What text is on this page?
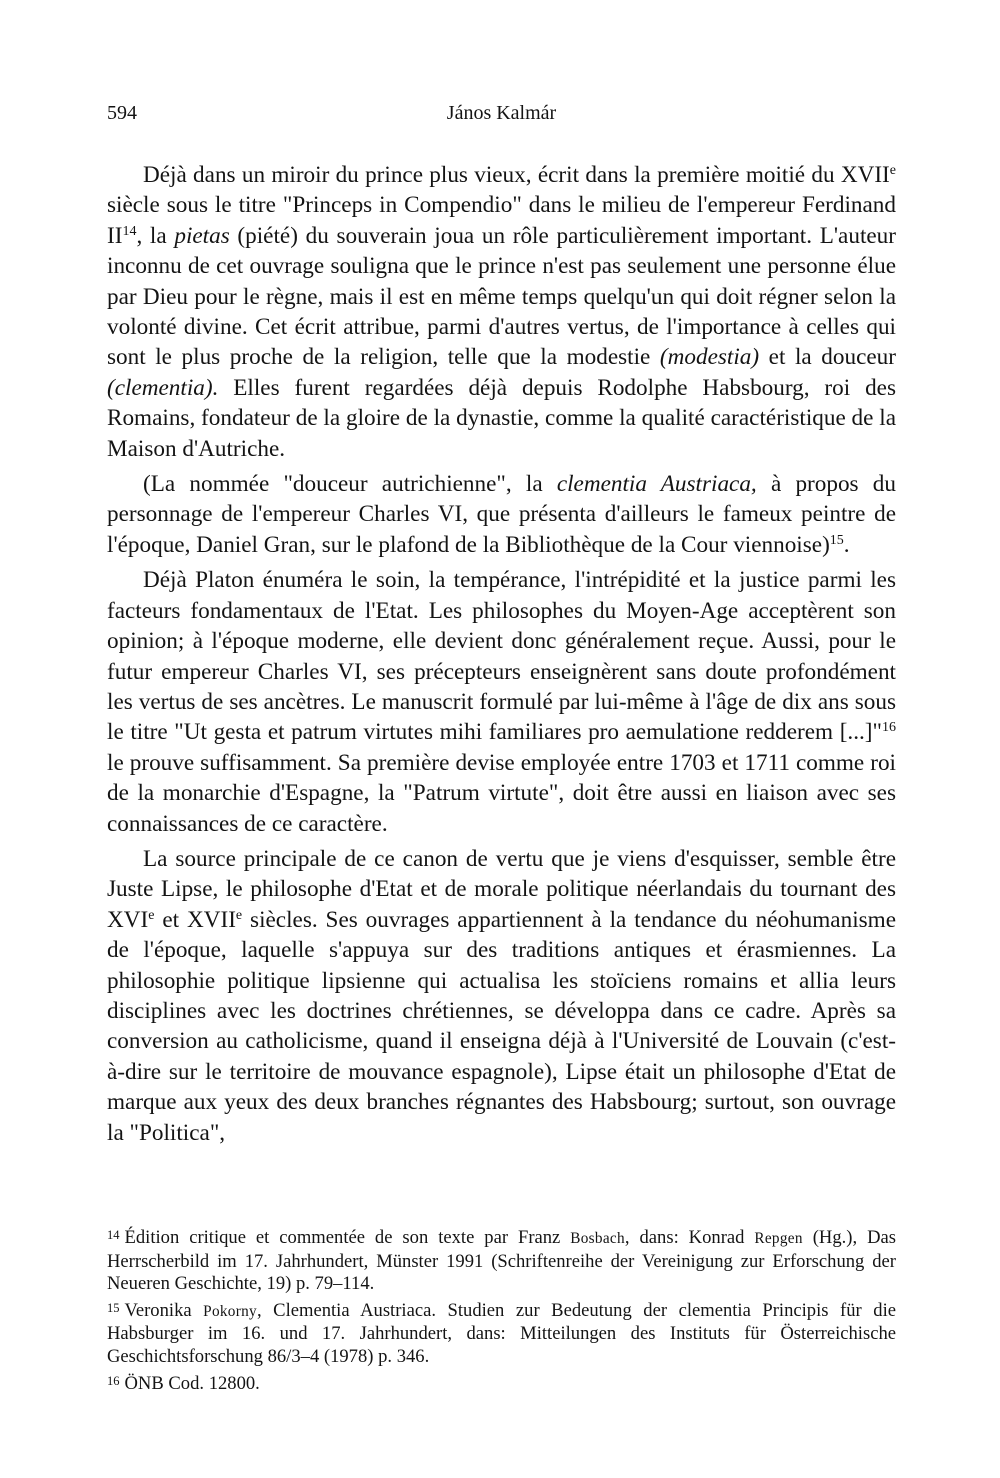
594	János Kalmár

Déjà dans un miroir du prince plus vieux, écrit dans la première moitié du XVIIe siècle sous le titre "Princeps in Compendio" dans le milieu de l'empereur Ferdinand II$^{14}$, la pietas (piété) du souverain joua un rôle particulièrement important. L'auteur inconnu de cet ouvrage souligna que le prince n'est pas seulement une personne élue par Dieu pour le règne, mais il est en même temps quelqu'un qui doit régner selon la volonté divine. Cet écrit attribue, parmi d'autres vertus, de l'importance à celles qui sont le plus proche de la religion, telle que la modestie (modestia) et la douceur (clementia). Elles furent regardées déjà depuis Rodolphe Habsbourg, roi des Romains, fondateur de la gloire de la dynastie, comme la qualité caractéristique de la Maison d'Autriche.

(La nommée "douceur autrichienne", la clementia Austriaca, à propos du personnage de l'empereur Charles VI, que présenta d'ailleurs le fameux peintre de l'époque, Daniel Gran, sur le plafond de la Bibliothèque de la Cour viennoise)$^{15}$.

Déjà Platon énuméra le soin, la tempérance, l'intrépidité et la justice parmi les facteurs fondamentaux de l'Etat. Les philosophes du Moyen-Age acceptèrent son opinion; à l'époque moderne, elle devient donc généralement reçue. Aussi, pour le futur empereur Charles VI, ses précepteurs enseignèrent sans doute profondément les vertus de ses ancètres. Le manuscrit formulé par lui-même à l'âge de dix ans sous le titre "Ut gesta et patrum virtutes mihi familiares pro aemulatione redderem [...]"$^{16}$ le prouve suffisamment. Sa première devise employée entre 1703 et 1711 comme roi de la monarchie d'Espagne, la "Patrum virtute", doit être aussi en liaison avec ses connaissances de ce caractère.

La source principale de ce canon de vertu que je viens d'esquisser, semble être Juste Lipse, le philosophe d'Etat et de morale politique néerlandais du tournant des XVIe et XVIIe siècles. Ses ouvrages appartiennent à la tendance du néohumanisme de l'époque, laquelle s'appuya sur des traditions antiques et érasmiennes. La philosophie politique lipsienne qui actualisa les stoïciens romains et allia leurs disciplines avec les doctrines chrétiennes, se développa dans ce cadre. Après sa conversion au catholicisme, quand il enseigna déjà à l'Université de Louvain (c'est-à-dire sur le territoire de mouvance espagnole), Lipse était un philosophe d'Etat de marque aux yeux des deux branches régnantes des Habsbourg; surtout, son ouvrage la "Politica",

$^{14}$ Édition critique et commentée de son texte par Franz Bosbach, dans: Konrad Repgen (Hg.), Das Herrscherbild im 17. Jahrhundert, Münster 1991 (Schriftenreihe der Vereinigung zur Erforschung der Neueren Geschichte, 19) p. 79–114.

$^{15}$ Veronika Pokorny, Clementia Austriaca. Studien zur Bedeutung der clementia Principis für die Habsburger im 16. und 17. Jahrhundert, dans: Mitteilungen des Instituts für Österreichische Geschichtsforschung 86/3–4 (1978) p. 346.

$^{16}$ ÖNB Cod. 12800.
